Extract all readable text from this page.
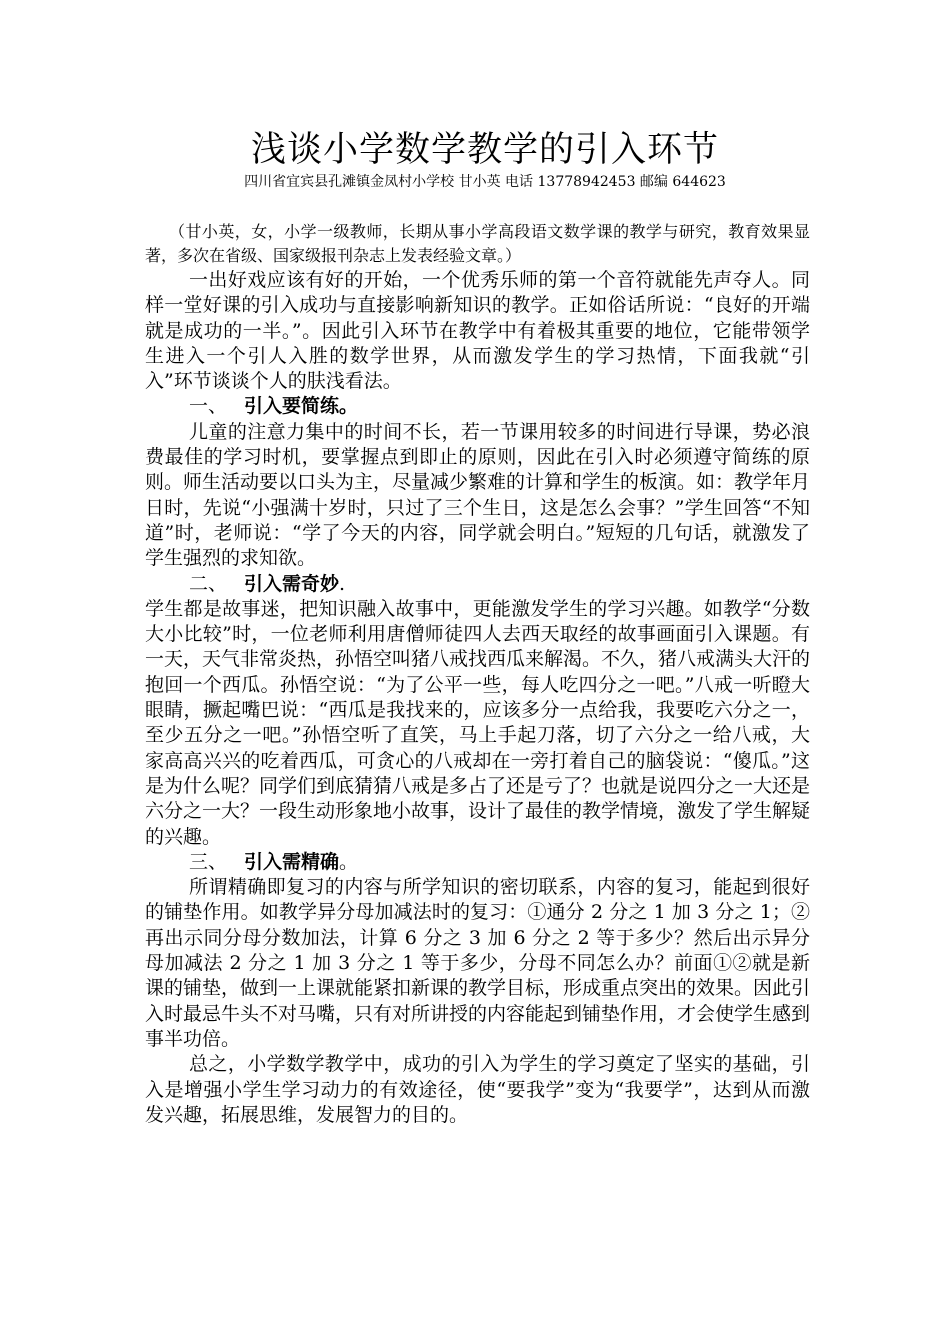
浅谈小学数学教学的引入环节
四川省宜宾县孔滩镇金凤村小学校 甘小英 电话 13778942453 邮编 644623

（甘小英，女，小学一级教师，长期从事小学高段语文数学课的教学与研究，教育效果显著，多次在省级、国家级报刊杂志上发表经验文章。）

一出好戏应该有好的开始，一个优秀乐师的第一个音符就能先声夺人。同样一堂好课的引入成功与直接影响新知识的教学。正如俗话所说：“良好的开端就是成功的一半。”。因此引入环节在教学中有着极其重要的地位，它能带领学生进入一个引人入胜的数学世界，从而激发学生的学习热情，下面我就“引入”环节谈谈个人的肤浅看法。

一、 引入要简练。

儿童的注意力集中的时间不长，若一节课用较多的时间进行导课，势必浪费最佳的学习时机，要掌握点到即止的原则，因此在引入时必须遵守简练的原则。师生活动要以口头为主，尽量减少繁难的计算和学生的板演。如：教学年月日时，先说“小强满十岁时，只过了三个生日，这是怎么会事？”学生回答“不知道”时，老师说：“学了今天的内容，同学就会明白。”短短的几句话，就激发了学生强烈的求知欲。

二、 引入需奇妙.

学生都是故事迷，把知识融入故事中，更能激发学生的学习兴趣。如教学“分数大小比较”时，一位老师利用唐僧师徒四人去西天取经的故事画面引入课题。有一天，天气非常炎热，孙悟空叫猪八戒找西瓜来解渴。不久，猪八戒满头大汗的抱回一个西瓜。孙悟空说：“为了公平一些，每人吃四分之一吧。”八戒一听瞪大眼睛，撅起嘴巴说：“西瓜是我找来的，应该多分一点给我，我要吃六分之一，至少五分之一吧。”孙悟空听了直笑，马上手起刀落，切了六分之一给八戒，大家高高兴兴的吃着西瓜，可贪心的八戒却在一旁打着自己的脑袋说：“傻瓜。”这是为什么呢？同学们到底猜猜八戒是多占了还是亏了？也就是说四分之一大还是六分之一大？一段生动形象地小故事，设计了最佳的教学情境，激发了学生解疑的兴趣。

三、 引入需精确。

所谓精确即复习的内容与所学知识的密切联系，内容的复习，能起到很好的铺垫作用。如教学异分母加减法时的复习：①通分 2 分之 1 加 3 分之 1；②再出示同分母分数加法，计算 6 分之 3 加 6 分之 2 等于多少？然后出示异分母加减法 2 分之 1 加 3 分之 1 等于多少，分母不同怎么办？前面①②就是新课的铺垫，做到一上课就能紧扣新课的教学目标，形成重点突出的效果。因此引入时最忌牛头不对马嘴，只有对所讲授的内容能起到铺垫作用，才会使学生感到事半功倍。

总之，小学数学教学中，成功的引入为学生的学习奠定了坚实的基础，引入是增强小学生学习动力的有效途径，使“要我学”变为“我要学”，达到从而激发兴趣，拓展思维，发展智力的目的。
